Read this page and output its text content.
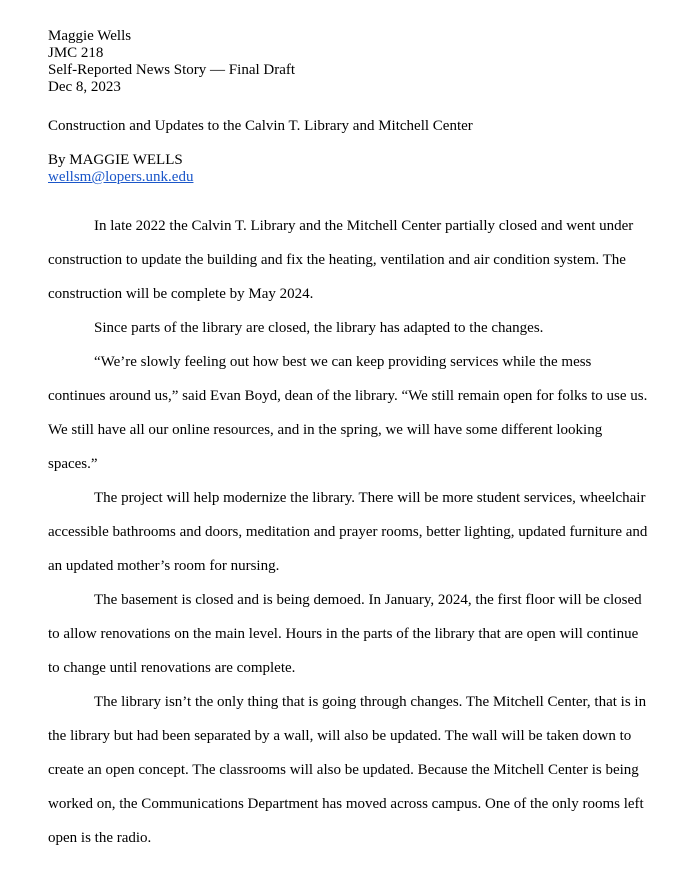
Maggie Wells

JMC 218

Self-Reported News Story — Final Draft

Dec 8, 2023

Construction and Updates to the Calvin T. Library and Mitchell Center

By MAGGIE WELLS
wellsm@lopers.unk.edu

In late 2022 the Calvin T. Library and the Mitchell Center partially closed and went under construction to update the building and fix the heating, ventilation and air condition system. The construction will be complete by May 2024.

Since parts of the library are closed, the library has adapted to the changes.

“We’re slowly feeling out how best we can keep providing services while the mess continues around us,” said Evan Boyd, dean of the library. “We still remain open for folks to use us. We still have all our online resources, and in the spring, we will have some different looking spaces.”

The project will help modernize the library. There will be more student services, wheelchair accessible bathrooms and doors, meditation and prayer rooms, better lighting, updated furniture and an updated mother’s room for nursing.

The basement is closed and is being demoed. In January, 2024, the first floor will be closed to allow renovations on the main level. Hours in the parts of the library that are open will continue to change until renovations are complete.

The library isn’t the only thing that is going through changes. The Mitchell Center, that is in the library but had been separated by a wall, will also be updated. The wall will be taken down to create an open concept. The classrooms will also be updated. Because the Mitchell Center is being worked on, the Communications Department has moved across campus. One of the only rooms left open is the radio.
